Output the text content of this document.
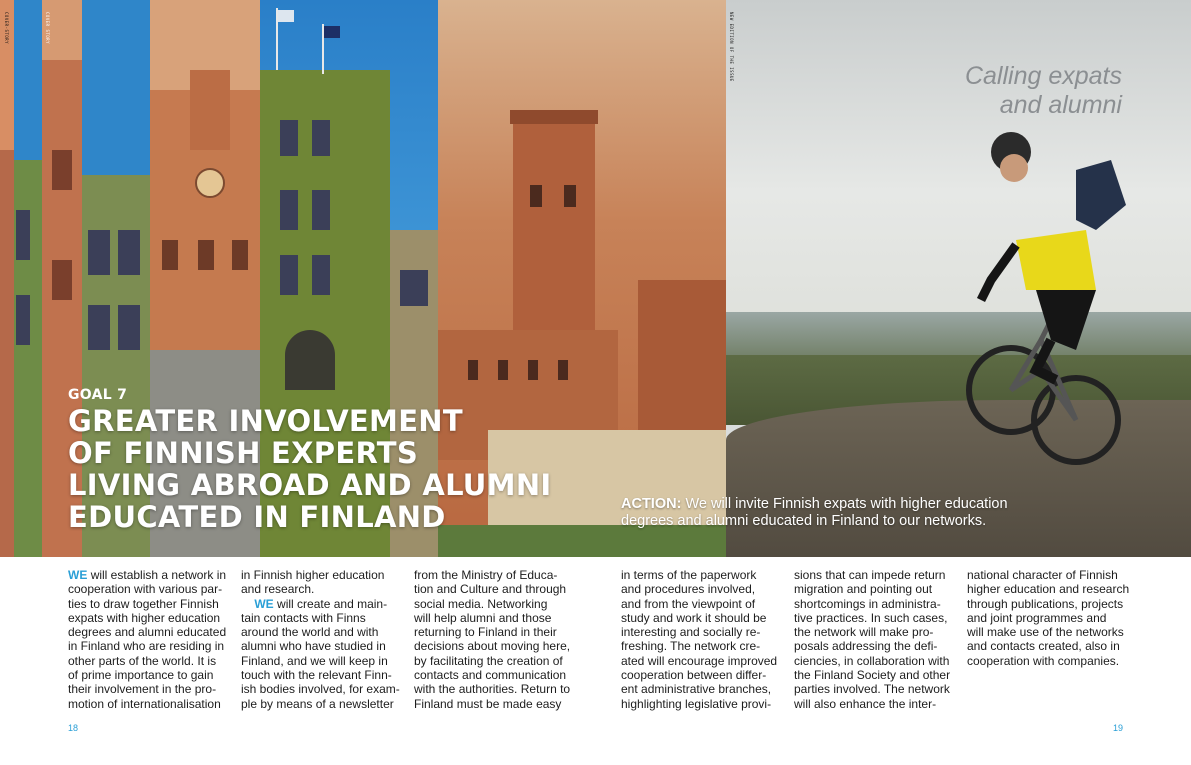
COVER-STORY	COVER STORY	NEW EDITION OF THE ISSUE	Calling expats
and alumni
GOAL 7
GREATER INVOLVEMENT
OF FINNISH EXPERTS
LIVING ABROAD AND ALUMNI
EDUCATED IN FINLAND	ACTION: We will invite Finnish expats with higher education degrees and alumni educated in Finland to our networks.

WE will establish a network in

cooperation with various par-

ties to draw together Finnish

expats with higher education

degrees and alumni educated

in Finland who are residing in

other parts of the world. It is

of prime importance to gain

their involvement in the pro-

motion of internationalisation

in Finnish higher education

and research.

WE will create and main-

tain contacts with Finns

around the world and with

alumni who have studied in

Finland, and we will keep in

touch with the relevant Finn-

ish bodies involved, for exam-

ple by means of a newsletter

from the Ministry of Educa-

tion and Culture and through

social media. Networking

will help alumni and those

returning to Finland in their

decisions about moving here,

by facilitating the creation of

contacts and communication

with the authorities. Return to

Finland must be made easy

in terms of the paperwork

and procedures involved,

and from the viewpoint of

study and work it should be

interesting and socially re-

freshing. The network cre-

ated will encourage improved

cooperation between differ-

ent administrative branches,

highlighting legislative provi-

sions that can impede return

migration and pointing out

shortcomings in administra-

tive practices. In such cases,

the network will make pro-

posals addressing the defi-

ciencies, in collaboration with

the Finland Society and other

parties involved. The network

will also enhance the inter-

national character of Finnish

higher education and research

through publications, projects

and joint programmes and

will make use of the networks

and contacts created, also in

cooperation with companies.

18	19
